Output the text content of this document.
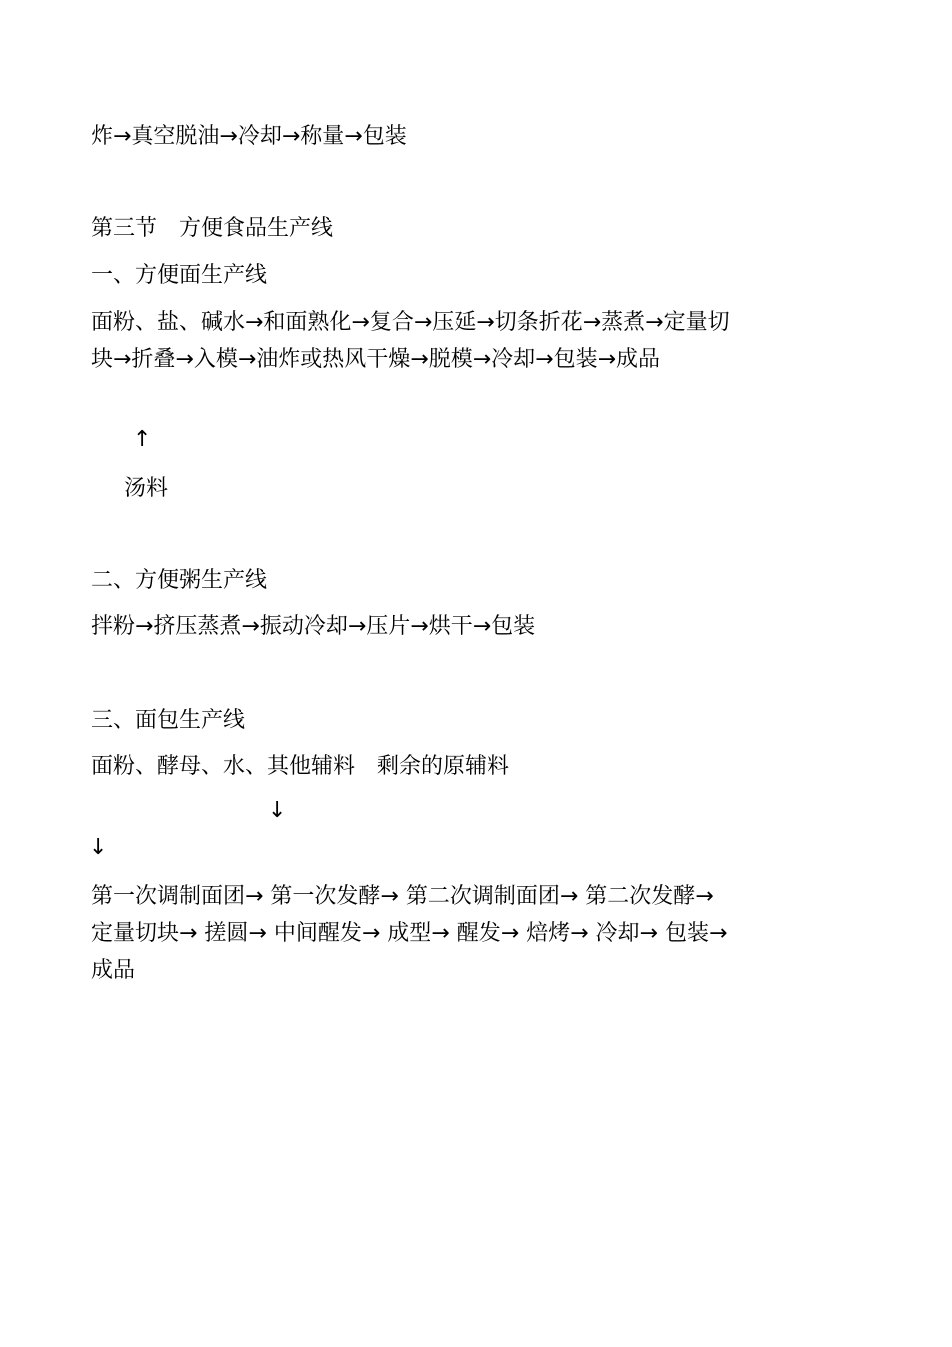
炸→真空脱油→冷却→称量→包装
第三节　方便食品生产线
一、方便面生产线
面粉、盐、碱水→和面熟化→复合→压延→切条折花→蒸煮→定量切块→折叠→入模→油炸或热风干燥→脱模→冷却→包装→成品
↑
汤料
二、方便粥生产线
拌粉→挤压蒸煮→振动冷却→压片→烘干→包装
三、面包生产线
面粉、酵母、水、其他辅料　剩余的原辅料
↓
↓
第一次调制面团→ 第一次发酵→ 第二次调制面团→ 第二次发酵→ 定量切块→ 搓圆→ 中间醒发→ 成型→ 醒发→ 焙烤→ 冷却→ 包装→ 成品
